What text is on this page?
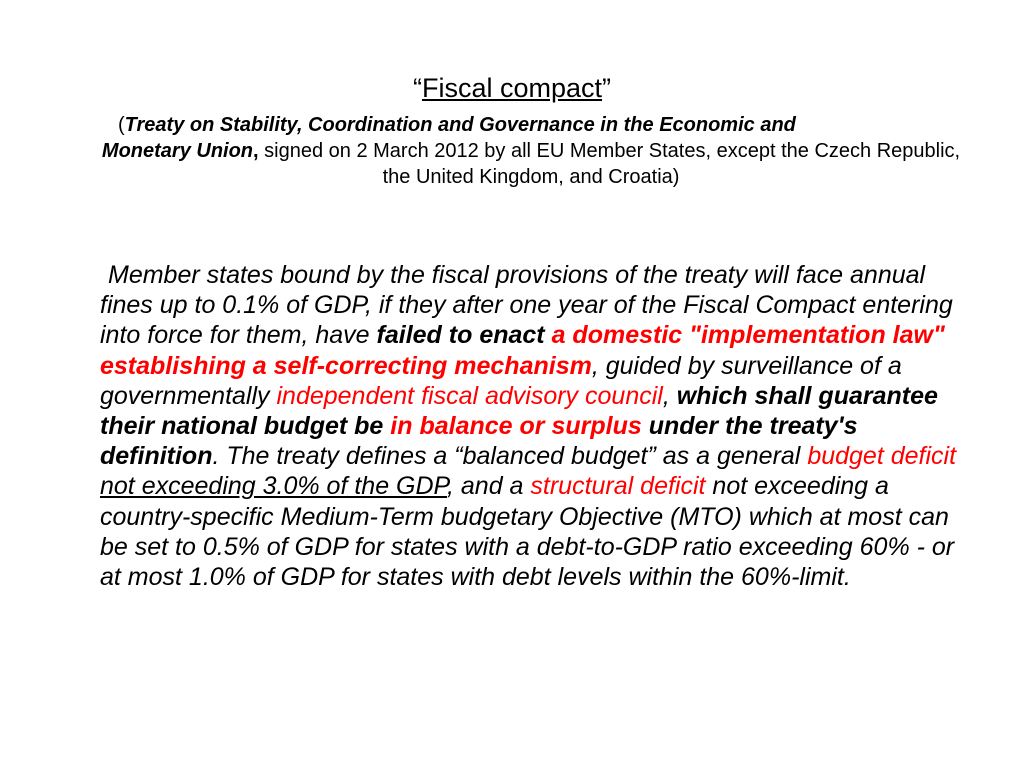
“Fiscal compact”
(Treaty on Stability, Coordination and Governance in the Economic and
Monetary Union, signed on 2 March 2012 by all EU Member States, except the Czech Republic, the United Kingdom, and Croatia)
Member states bound by the fiscal provisions of the treaty will face annual fines up to 0.1% of GDP, if they after one year of the Fiscal Compact entering into force for them, have failed to enact a domestic "implementation law" establishing a self-correcting mechanism, guided by surveillance of a governmentally independent fiscal advisory council, which shall guarantee their national budget be in balance or surplus under the treaty's definition. The treaty defines a “balanced budget” as a general budget deficit not exceeding 3.0% of the GDP, and a structural deficit not exceeding a country-specific Medium-Term budgetary Objective (MTO) which at most can be set to 0.5% of GDP for states with a debt-to-GDP ratio exceeding 60% - or at most 1.0% of GDP for states with debt levels within the 60%-limit.
